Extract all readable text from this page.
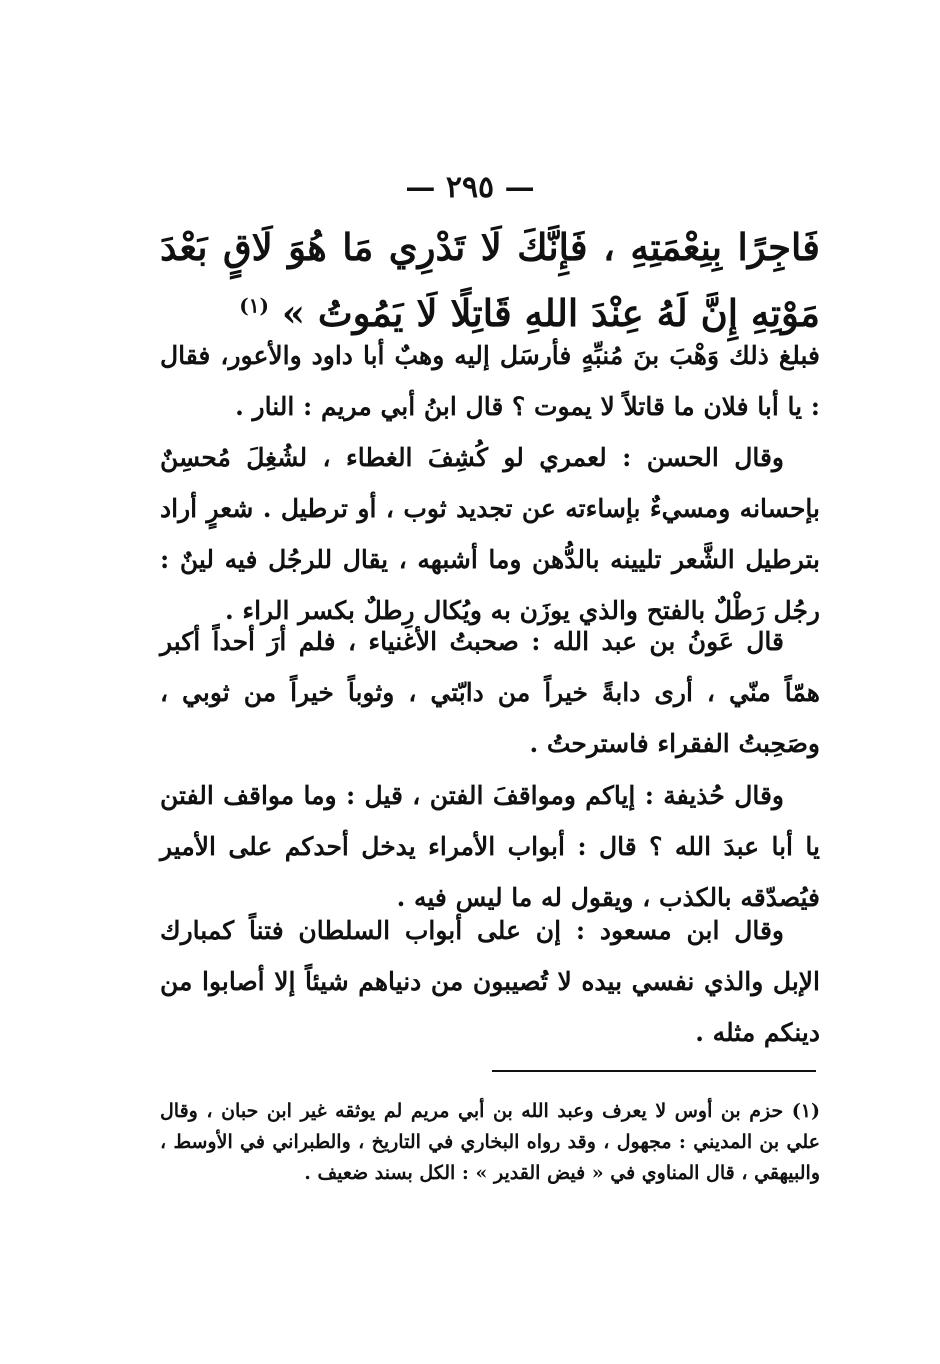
— ٢٩٥ —
فَاجِرًا بِنِعْمَتِهِ ، فَإِنَّكَ لَا تَدْرِي مَا هُوَ لَاقٍ بَعْدَ مَوْتِهِ إِنَّ لَهُ عِنْدَ اللهِ قَاتِلًا لَا يَمُوتُ » $^{(١)}$

فبلغ ذلك وَهْبَ بنَ مُنبِّهٍ فأرسَل إليه وهبٌ أبا داود والأعور، فقال : يا أبا فلان ما قاتلاً لا يموت ؟ قال ابنُ أبي مريم : النار .

وقال الحسن : لعمري لو كُشِفَ الغطاء ، لشُغِلَ مُحسِنٌ بإحسانه ومسيءٌ بإساءته عن تجديد ثوب ، أو ترطيل . شعرٍ أراد بترطيل الشَّعر تليينه بالدُّهن وما أشبهه ، يقال للرجُل فيه لينٌ : رجُل رَطْلٌ بالفتح والذي يوزَن به ويُكال رِطلٌ بكسر الراء .

قال عَونُ بن عبد الله : صحبتُ الأغنياء ، فلم أرَ أحداً أكبر همّاً منّي ، أرى دابةً خيراً من دابّتي ، وثوباً خيراً من ثوبي ، وصَحِبتُ الفقراء فاسترحتُ .

وقال حُذيفة : إياكم ومواقفَ الفتن ، قيل : وما مواقف الفتن يا أبا عبدَ الله ؟ قال : أبواب الأمراء يدخل أحدكم على الأمير فيُصدّقه بالكذب ، ويقول له ما ليس فيه .

وقال ابن مسعود : إن على أبواب السلطان فتناً كمبارك الإبل والذي نفسي بيده لا تُصيبون من دنياهم شيئاً إلا أصابوا من دينكم مثله .

(١) حزم بن أوس لا يعرف وعبد الله بن أبي مريم لم يوثقه غير ابن حبان ، وقال علي بن المديني : مجهول ، وقد رواه البخاري في التاريخ ، والطبراني في الأوسط ، والبيهقي ، قال المناوي في « فيض القدير » : الكل بسند ضعيف .
